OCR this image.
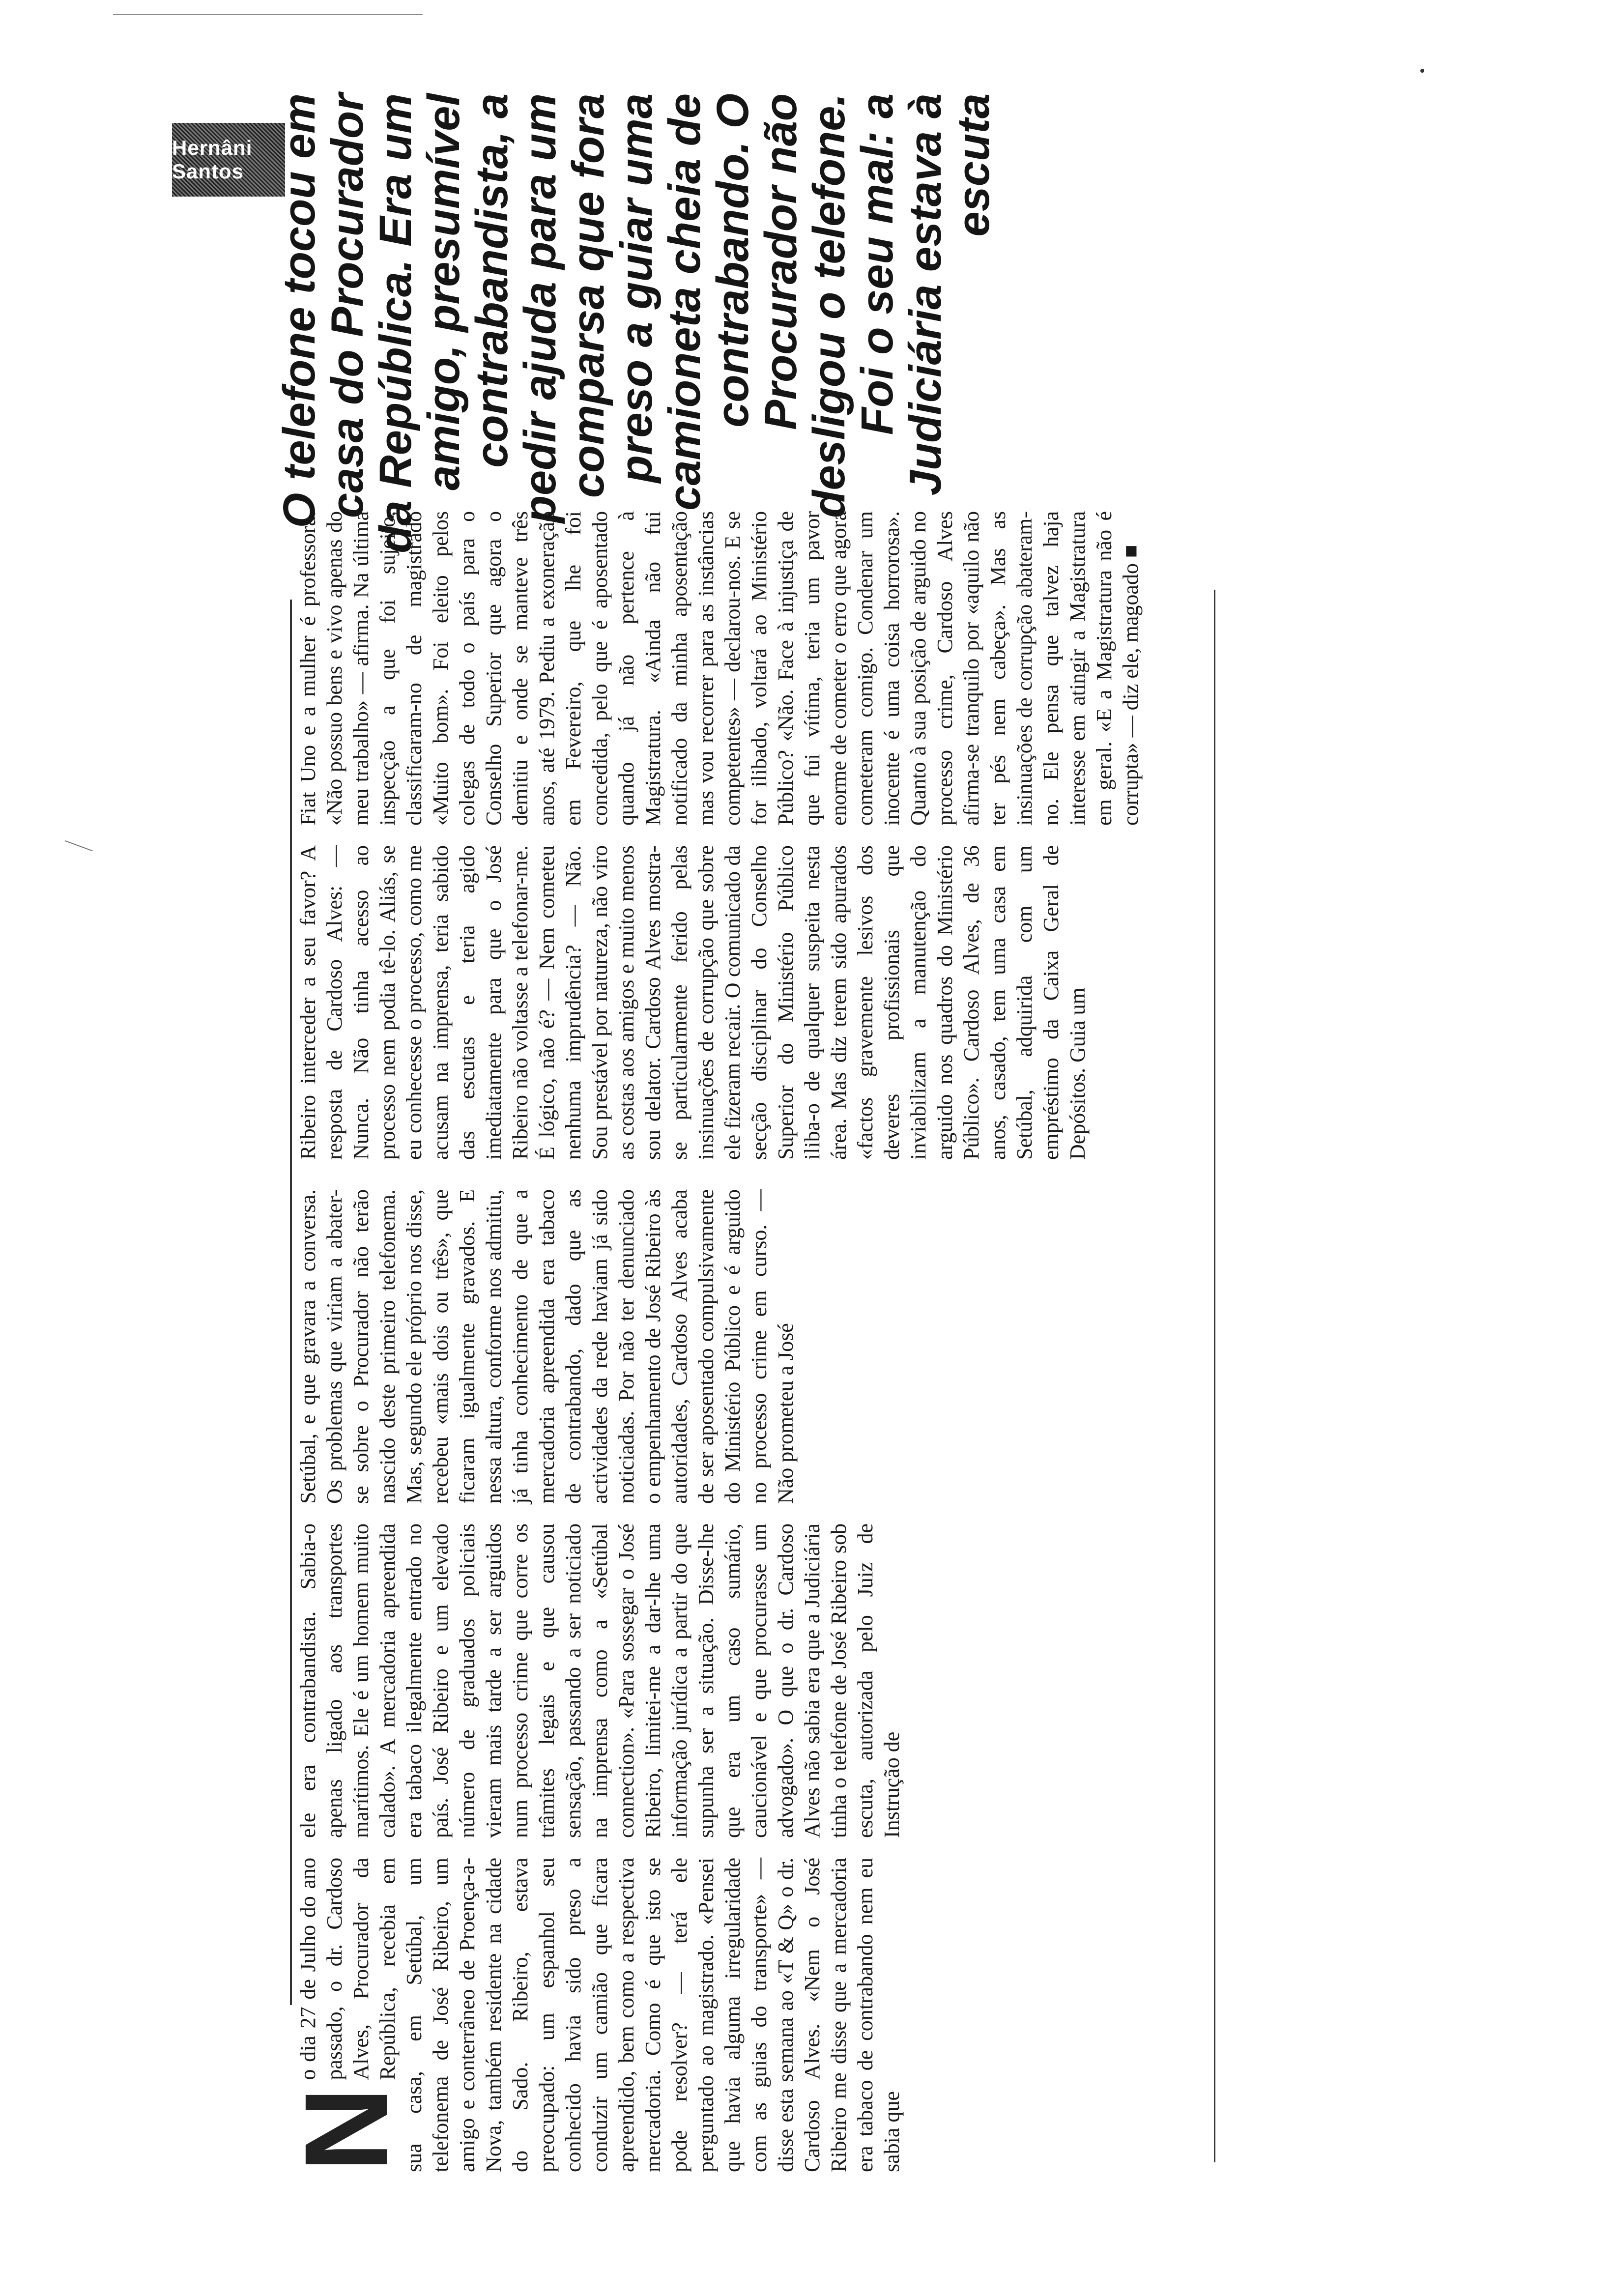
Hernâni Santos O telefone tocou em casa do Procurador da República. Era um amigo, presumível contrabandista, a pedir ajuda para um comparsa que fora preso a guiar uma camioneta cheia de contrabando. O Procurador não desligou o telefone. Foi o seu mal: a Judiciária estava à escuta
N

o dia 27 de Julho do ano passado, o dr. Cardoso Alves, Procurador da República, recebia em sua casa, em Setúbal, um telefonema de José Ribeiro, um amigo e conterrâneo de Proença-a-Nova, também residente na cidade do Sado. Ribeiro, estava preocupado: um espanhol seu conhecido havia sido preso a conduzir um camião que ficara apreendido, bem como a respectiva mercadoria. Como é que isto se pode resolver? — terá ele perguntado ao magistrado. «Pensei que havia alguma irregularidade com as guias do transporte» — disse esta semana ao «T & Q» o dr. Cardoso Alves. «Nem o José Ribeiro me disse que a mercadoria era tabaco de contrabando nem eu sabia que

ele era contrabandista. Sabia-o apenas ligado aos transportes marítimos. Ele é um homem muito calado». A mercadoria apreendida era tabaco ilegalmente entrado no país. José Ribeiro e um elevado número de graduados policiais vieram mais tarde a ser arguidos num processo crime que corre os trâmites legais e que causou sensação, passando a ser noticiado na imprensa como a «Setúbal connection». «Para sossegar o José Ribeiro, limitei-me a dar-lhe uma informação jurídica a partir do que supunha ser a situação. Disse-lhe que era um caso sumário, caucionável e que procurasse um advogado». O que o dr. Cardoso Alves não sabia era que a Judiciária tinha o telefone de José Ribeiro sob escuta, autorizada pelo Juiz de Instrução de

Setúbal, e que gravara a conversa. Os problemas que viriam a abater-se sobre o Procurador não terão nascido deste primeiro telefonema. Mas, segundo ele próprio nos disse, recebeu «mais dois ou três», que ficaram igualmente gravados. E nessa altura, conforme nos admitiu, já tinha conhecimento de que a mercadoria apreendida era tabaco de contrabando, dado que as actividades da rede haviam já sido noticiadas. Por não ter denunciado o empenhamento de José Ribeiro às autoridades, Cardoso Alves acaba de ser aposentado compulsivamente do Ministério Público e é arguido no processo crime em curso. — Não prometeu a José

Ribeiro interceder a seu favor? A resposta de Cardoso Alves: — Nunca. Não tinha acesso ao processo nem podia tê-lo. Aliás, se eu conhecesse o processo, como me acusam na imprensa, teria sabido das escutas e teria agido imediatamente para que o José Ribeiro não voltasse a telefonar-me. É lógico, não é? — Nem cometeu nenhuma imprudência? — Não. Sou prestável por natureza, não viro as costas aos amigos e muito menos sou delator. Cardoso Alves mostra-se particularmente ferido pelas insinuações de corrupção que sobre ele fizeram recair. O comunicado da secção disciplinar do Conselho Superior do Ministério Público iliba-o de qualquer suspeita nesta área. Mas diz terem sido apurados «factos gravemente lesivos dos deveres profissionais que inviabilizam a manutenção do arguido nos quadros do Ministério Público». Cardoso Alves, de 36 anos, casado, tem uma casa em Setúbal, adquirida com um empréstimo da Caixa Geral de Depósitos. Guia um

Fiat Uno e a mulher é professora. «Não possuo bens e vivo apenas do meu trabalho» — afirma. Na última inspecção a que foi sujeito, classificaram-no de magistrado «Muito bom». Foi eleito pelos colegas de todo o país para o Conselho Superior que agora o demitiu e onde se manteve três anos, até 1979. Pediu a exoneração em Fevereiro, que lhe foi concedida, pelo que é aposentado quando já não pertence à Magistratura. «Ainda não fui notificado da minha aposentação mas vou recorrer para as instâncias competentes» — declarou-nos. E se for ilibado, voltará ao Ministério Público? «Não. Face à injustiça de que fui vítima, teria um pavor enorme de cometer o erro que agora cometeram comigo. Condenar um inocente é uma coisa horrorosa». Quanto à sua posição de arguido no processo crime, Cardoso Alves afirma-se tranquilo por «aquilo não ter pés nem cabeça». Mas as insinuações de corrupção abateram-no. Ele pensa que talvez haja interesse em atingir a Magistratura em geral. «E a Magistratura não é corrupta» — diz ele, magoado ■
